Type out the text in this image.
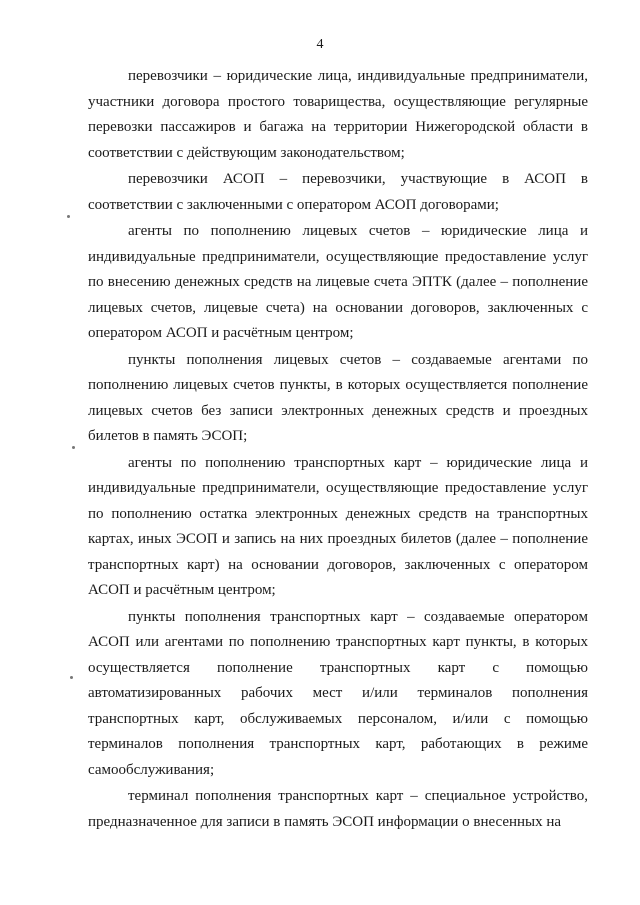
4

перевозчики – юридические лица, индивидуальные предприниматели, участники договора простого товарищества, осуществляющие регулярные перевозки пассажиров и багажа на территории Нижегородской области в соответствии с действующим законодательством;

перевозчики АСОП – перевозчики, участвующие в АСОП в соответствии с заключенными с оператором АСОП договорами;

агенты по пополнению лицевых счетов – юридические лица и индивидуальные предприниматели, осуществляющие предоставление услуг по внесению денежных средств на лицевые счета ЭПТК (далее – пополнение лицевых счетов, лицевые счета) на основании договоров, заключенных с оператором АСОП и расчётным центром;

пункты пополнения лицевых счетов – создаваемые агентами по пополнению лицевых счетов пункты, в которых осуществляется пополнение лицевых счетов без записи электронных денежных средств и проездных билетов в память ЭСОП;

агенты по пополнению транспортных карт – юридические лица и индивидуальные предприниматели, осуществляющие предоставление услуг по пополнению остатка электронных денежных средств на транспортных картах, иных ЭСОП и запись на них проездных билетов (далее – пополнение транспортных карт) на основании договоров, заключенных с оператором АСОП и расчётным центром;

пункты пополнения транспортных карт – создаваемые оператором АСОП или агентами по пополнению транспортных карт пункты, в которых осуществляется пополнение транспортных карт с помощью автоматизированных рабочих мест и/или терминалов пополнения транспортных карт, обслуживаемых персоналом, и/или с помощью терминалов пополнения транспортных карт, работающих в режиме самообслуживания;

терминал пополнения транспортных карт – специальное устройство, предназначенное для записи в память ЭСОП информации о внесенных на
